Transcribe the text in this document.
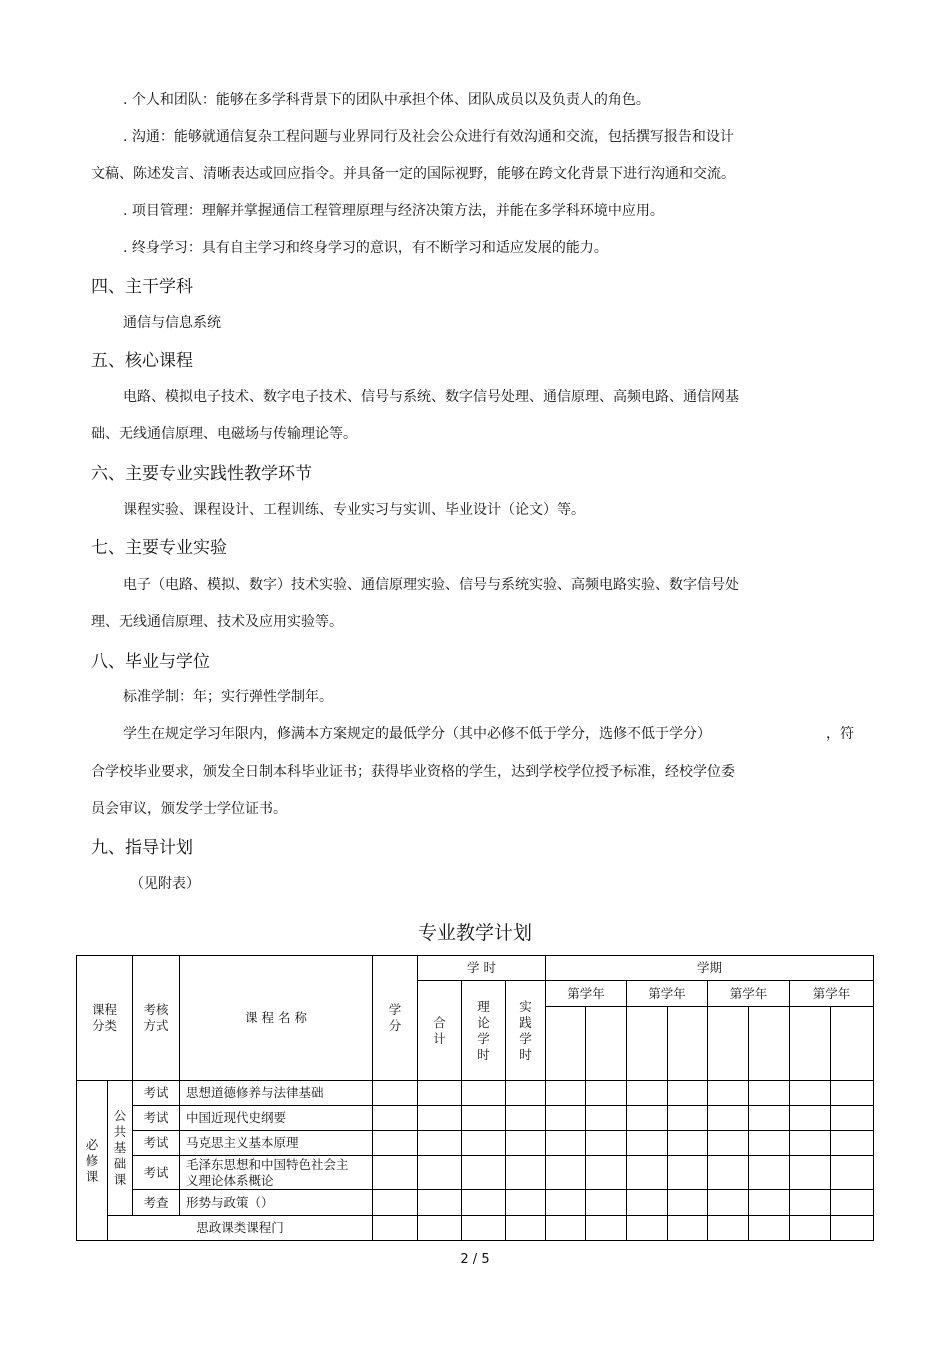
. 个人和团队：能够在多学科背景下的团队中承担个体、团队成员以及负责人的角色。
. 沟通：能够就通信复杂工程问题与业界同行及社会公众进行有效沟通和交流，包括撰写报告和设计
文稿、陈述发言、清晰表达或回应指令。并具备一定的国际视野，能够在跨文化背景下进行沟通和交流。
. 项目管理：理解并掌握通信工程管理原理与经济决策方法，并能在多学科环境中应用。
. 终身学习：具有自主学习和终身学习的意识，有不断学习和适应发展的能力。
四、主干学科
通信与信息系统
五、核心课程
电路、模拟电子技术、数字电子技术、信号与系统、数字信号处理、通信原理、高频电路、通信网基
础、无线通信原理、电磁场与传输理论等。
六、主要专业实践性教学环节
课程实验、课程设计、工程训练、专业实习与实训、毕业设计（论文）等。
七、主要专业实验
电子（电路、模拟、数字）技术实验、通信原理实验、信号与系统实验、高频电路实验、数字信号处
理、无线通信原理、技术及应用实验等。
八、毕业与学位
标准学制：年；实行弹性学制年。
学生在规定学习年限内，修满本方案规定的最低学分（其中必修不低于学分，选修不低于学分）	，符
合学校毕业要求，颁发全日制本科毕业证书；获得毕业资格的学生，达到学校学位授予标准，经校学位委
员会审议，颁发学士学位证书。
九、指导计划
（见附表）
专业教学计划
课程分类		考核方式	课 程 名 称	学分	学 时			学期							
					合计	理论学时	实践学时	第学年		第学年		第学年		第学年	

必修课	公共基础课	考试	思想道德修养与法律基础												
		考试	中国近现代史纲要												
		考试	马克思主义基本原理												
		考试	毛泽东思想和中国特色社会主义理论体系概论												
		考查	形势与政策（）												
	思政课类课程门														
2 / 5
